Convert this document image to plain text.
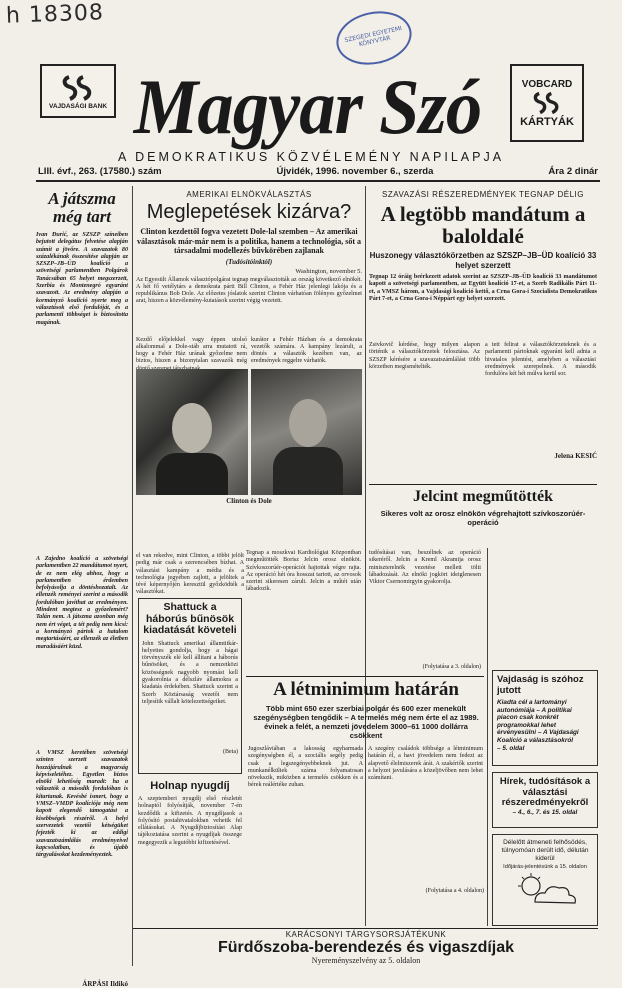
h 18308
SZEGEDI EGYETEMI KÖNYVTÁR
VAJDASÁGI BANK Magyar Szó	VOBCARD
KÁRTYÁK
A DEMOKRATIKUS KÖZVÉLEMÉNY NAPILAPJA
LIII. évf., 263. (17580.) szám	Újvidék, 1996. november 6., szerda	Ára 2 dinár
A játszma még tart
Ivan Đurić, az SZSZP színeiben bejutott delegátus felvetése alapján számít a jövőre. A szavazatok 80 százalékának összesítése alapján az SZSZP–JB–ÜD koalíció a szövetségi parlamentben Polgárok Tanácsában 65 helyet megszerzett, Szerbia és Montenegró egyaránt szavazott. Az eredmény alapján a kormányzó koalíció nyerte meg a választások első fordulóját, és a parlamenti többséget is biztosította magának.
A Zajedno koalíció a szövetségi parlamentben 22 mandátumot nyert, de ez nem elég ahhoz, hogy a parlamentben érdemben befolyásolja a döntéshozatalt. Az ellenzék reményei szerint a második fordulóban javíthat az eredményen. Mindent megtesz a győzelemért? Talán nem. A játszma azonban még nem ért véget, a tét pedig nem kicsi: a kormányzó pártok a hatalom megtartásáért, az ellenzék az életben maradásáért küzd.
A VMSZ keretében szövetségi szinten szerzett szavazatok hozzájárulnak a magyarság képviseletéhez. Egyetlen biztos elnöki lehetőség maradt: ha a választók a második fordulóban is kitartanak. Kevésbé ismert, hogy a VMSZ–VMDP koalíciója még nem kapott elegendő támogatást a kisebbségek részéről. A helyi szervezetek vezetői kétségüket fejezték ki az eddigi szavazatszámlálás eredményeivel kapcsolatban, és újabb tárgyalásokat kezdeményeztek.
ÁRPÁSI Ildikó
AMERIKAI ELNÖKVÁLASZTÁS
Meglepetések kizárva?
Clinton kezdettől fogva vezetett Dole-lal szemben – Az amerikai választások már-már nem is a politika, hanem a technológia, sőt a társadalmi modellezés bűvkörében zajlanak
(Tudósítóinktól)
Washington, november 5.
Az Egyesült Államok választópolgárai tegnap megválasztották az ország következő elnökét. A hét fő vetélytárs a demokrata párti Bill Clinton, a Fehér Ház jelenlegi lakója és a republikánus Bob Dole. Az előzetes jóslatok szerint Clinton várhatóan fölényes győzelmet arat, hiszen a közvélemény-kutatások szerint végig vezetett.
Kezdő előjelekkel vagy éppen utolsó alkalommal a Dole-stáb arra mutatott rá, hogy a Fehér Ház urának győzelme nem biztos, hiszen a bizonytalan szavazók még
kurátor a Fehér Házban és a demokrata vezetők számára. A kampány lezárult, a döntés a választók kezében van, az eredmények reggelre várhatók.
Clinton és Dole
el van rekedve, mint Clinton, a többi jelölt pedig már csak a szerencsében bízhat. A választási kampány a média és a technológia jegyében zajlott, a jelöltek a tévé képernyőjén keresztül győzködték a választókat.
Shattuck a háborús bűnösök kiadatását követeli
John Shattuck amerikai államtitkár-helyettes gondolja, hogy a hágai törvényszék elé kell állítani a háborús bűnösöket, és a nemzetközi közösségnek nagyobb nyomást kell gyakorolnia a délszláv államokra a kiadatás érdekében. Shattuck szerint a Szerb Köztársaság vezetői nem teljesítik vállalt kötelezettségeiket.
(Beta)
Holnap nyugdíj
A szeptemberi nyugdíj első részletét holnaptól folyósítják, november 7-én kezdődik a kifizetés. A nyugdíjasok a folyósító postahivatalokban vehetik fel ellátásukat. A Nyugdíjbiztosítási Alap tájékoztatása szerint a nyugdíjak összege megegyezik a legutóbbi kifizetésével.
SZAVAZÁSI RÉSZEREDMÉNYEK TEGNAP DÉLIG
A legtöbb mandátum a baloldalé
Huszonegy választókörzetben az SZSZP–JB–ÜD koalíció 33 helyet szerzett
Tegnap 12 óráig beérkezett adatok szerint az SZSZP–JB–ÜD koalíció 33 mandátumot kapott a szövetségi parlamentben, az Együtt koalíció 17-et, a Szerb Radikális Párt 11-et, a VMSZ három, a Vajdasági koalíció kettő, a Crna Gora-i Szocialista Demokratikus Párt 7-et, a Crna Gora-i Néppárt egy helyet szerzett.
Zsivkovič kérdése, hogy milyen alapon történik a választókörzetek felosztása. Az SZSZP kérésére a szavazatszámlálást több körzetben megismételték.
a tett felirat a választókörzeteknek és a parlamenti pártoknak egyaránt kell adnia a hivatalos jelentést, amelyben a választási eredmények szerepelnek. A második fordulóra két hét múlva kerül sor.
Jelena KESIĆ
Jelcint megműtötték
Sikeres volt az orosz elnökön végrehajtott szívkoszorúér-operáció
Tegnap a moszkvai Kardiológiai Központban megműtötték Borisz Jelcin orosz elnököt. Szívkoszorúér-operációt hajtottak végre rajta. Az operáció hét óra hosszat tartott, az orvosok szerint sikeresen zárult. Jelcin a műtét után lábadozik.
tudósításai van, beszélnek az operáció sikeréről. Jelcin a Kreml Akramija orosz miniszterelnök vezetése mellett tölti lábadozását. Az elnöki jogkört ideiglenesen Viktor Csernomirgyin gyakorolja.
(Folytatása a 3. oldalon)
A létminimum határán
Több mint 650 ezer szerbiai polgár és 600 ezer menekült szegénységben tengődik – A termelés még nem érte el az 1989. évinek a felét, a nemzeti jövedelem 3000–61 1000 dollárra csökkent
Jugoszláviában a lakosság egyharmada szegénységben él, a szociális segély pedig csak a legszegényebbeknek jut. A munkanélküliek száma folyamatosan növekszik, miközben a termelés csökken és a bérek reálértéke zuhan.
A szegény családok többsége a létminimum határán él, a havi jövedelem nem fedezi az alapvető élelmiszerek árát. A szakértők szerint a helyzet javulására a közeljövőben nem lehet számítani.
(Folytatása a 4. oldalon)
Vajdaság is szóhoz jutott
Kiadta cél a lartományi autonómiája – A politikai piacon csak konkrét programokkal lehet érvényesülni – A Vajdasági Koalíció a választásokról
– 5. oldal
Hírek, tudósítások a választási részeredményekről
– 4., 6., 7. és 15. oldal
Délelőtt átmeneti felhősödés, túlnyomóan derült idő, délután kiderül
Időjárás-jelentésünk a 15. oldalon
KARÁCSONYI TÁRGYSORSJÁTÉKUNK
Fürdőszoba-berendezés és vigaszdíjak
Nyereményszelvény az 5. oldalon
